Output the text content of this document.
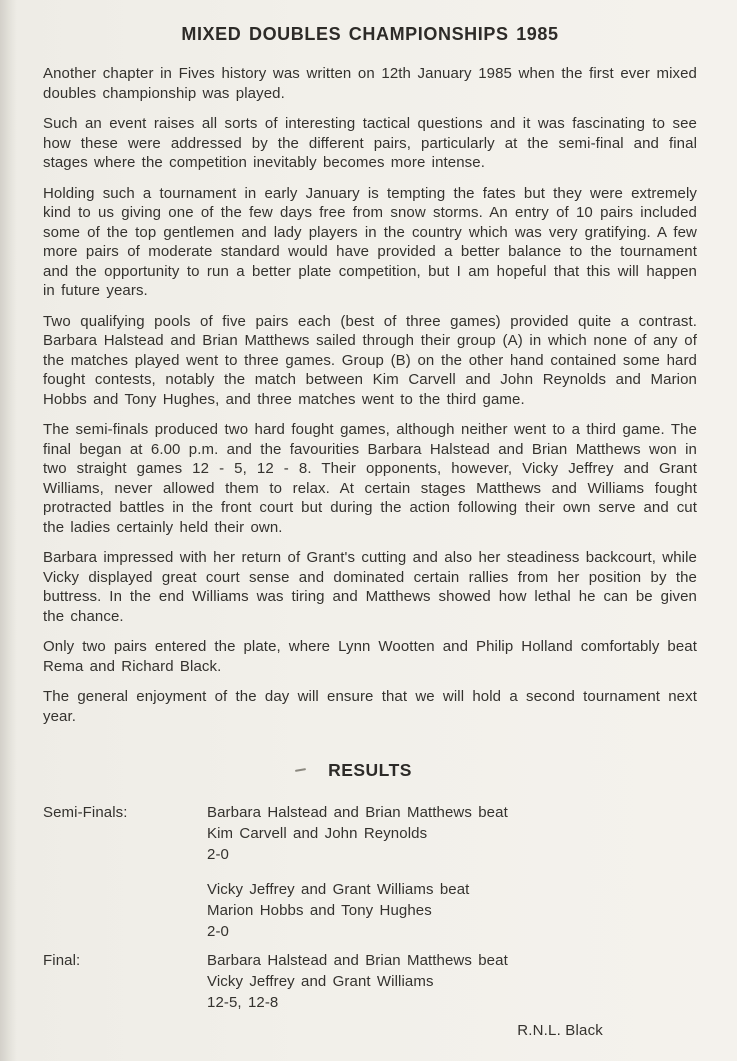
MIXED DOUBLES CHAMPIONSHIPS 1985

Another chapter in Fives history was written on 12th January 1985 when the first ever mixed doubles championship was played.

Such an event raises all sorts of interesting tactical questions and it was fascinating to see how these were addressed by the different pairs, particularly at the semi-final and final stages where the competition inevitably becomes more intense.

Holding such a tournament in early January is tempting the fates but they were extremely kind to us giving one of the few days free from snow storms. An entry of 10 pairs included some of the top gentlemen and lady players in the country which was very gratifying. A few more pairs of moderate standard would have provided a better balance to the tournament and the opportunity to run a better plate competition, but I am hopeful that this will happen in future years.

Two qualifying pools of five pairs each (best of three games) provided quite a contrast. Barbara Halstead and Brian Matthews sailed through their group (A) in which none of any of the matches played went to three games. Group (B) on the other hand contained some hard fought contests, notably the match between Kim Carvell and John Reynolds and Marion Hobbs and Tony Hughes, and three matches went to the third game.

The semi-finals produced two hard fought games, although neither went to a third game. The final began at 6.00 p.m. and the favourities Barbara Halstead and Brian Matthews won in two straight games 12 - 5, 12 - 8. Their opponents, however, Vicky Jeffrey and Grant Williams, never allowed them to relax. At certain stages Matthews and Williams fought protracted battles in the front court but during the action following their own serve and cut the ladies certainly held their own.

Barbara impressed with her return of Grant's cutting and also her steadiness backcourt, while Vicky displayed great court sense and dominated certain rallies from her position by the buttress. In the end Williams was tiring and Matthews showed how lethal he can be given the chance.

Only two pairs entered the plate, where Lynn Wootten and Philip Holland comfortably beat Rema and Richard Black.

The general enjoyment of the day will ensure that we will hold a second tournament next year.

RESULTS
Semi-Finals:	Barbara Halstead and Brian Matthews beat
Kim Carvell and John Reynolds
2-0
Vicky Jeffrey and Grant Williams beat
Marion Hobbs and Tony Hughes
2-0
Final:	Barbara Halstead and Brian Matthews beat
Vicky Jeffrey and Grant Williams
12-5, 12-8
R.N.L. Black
